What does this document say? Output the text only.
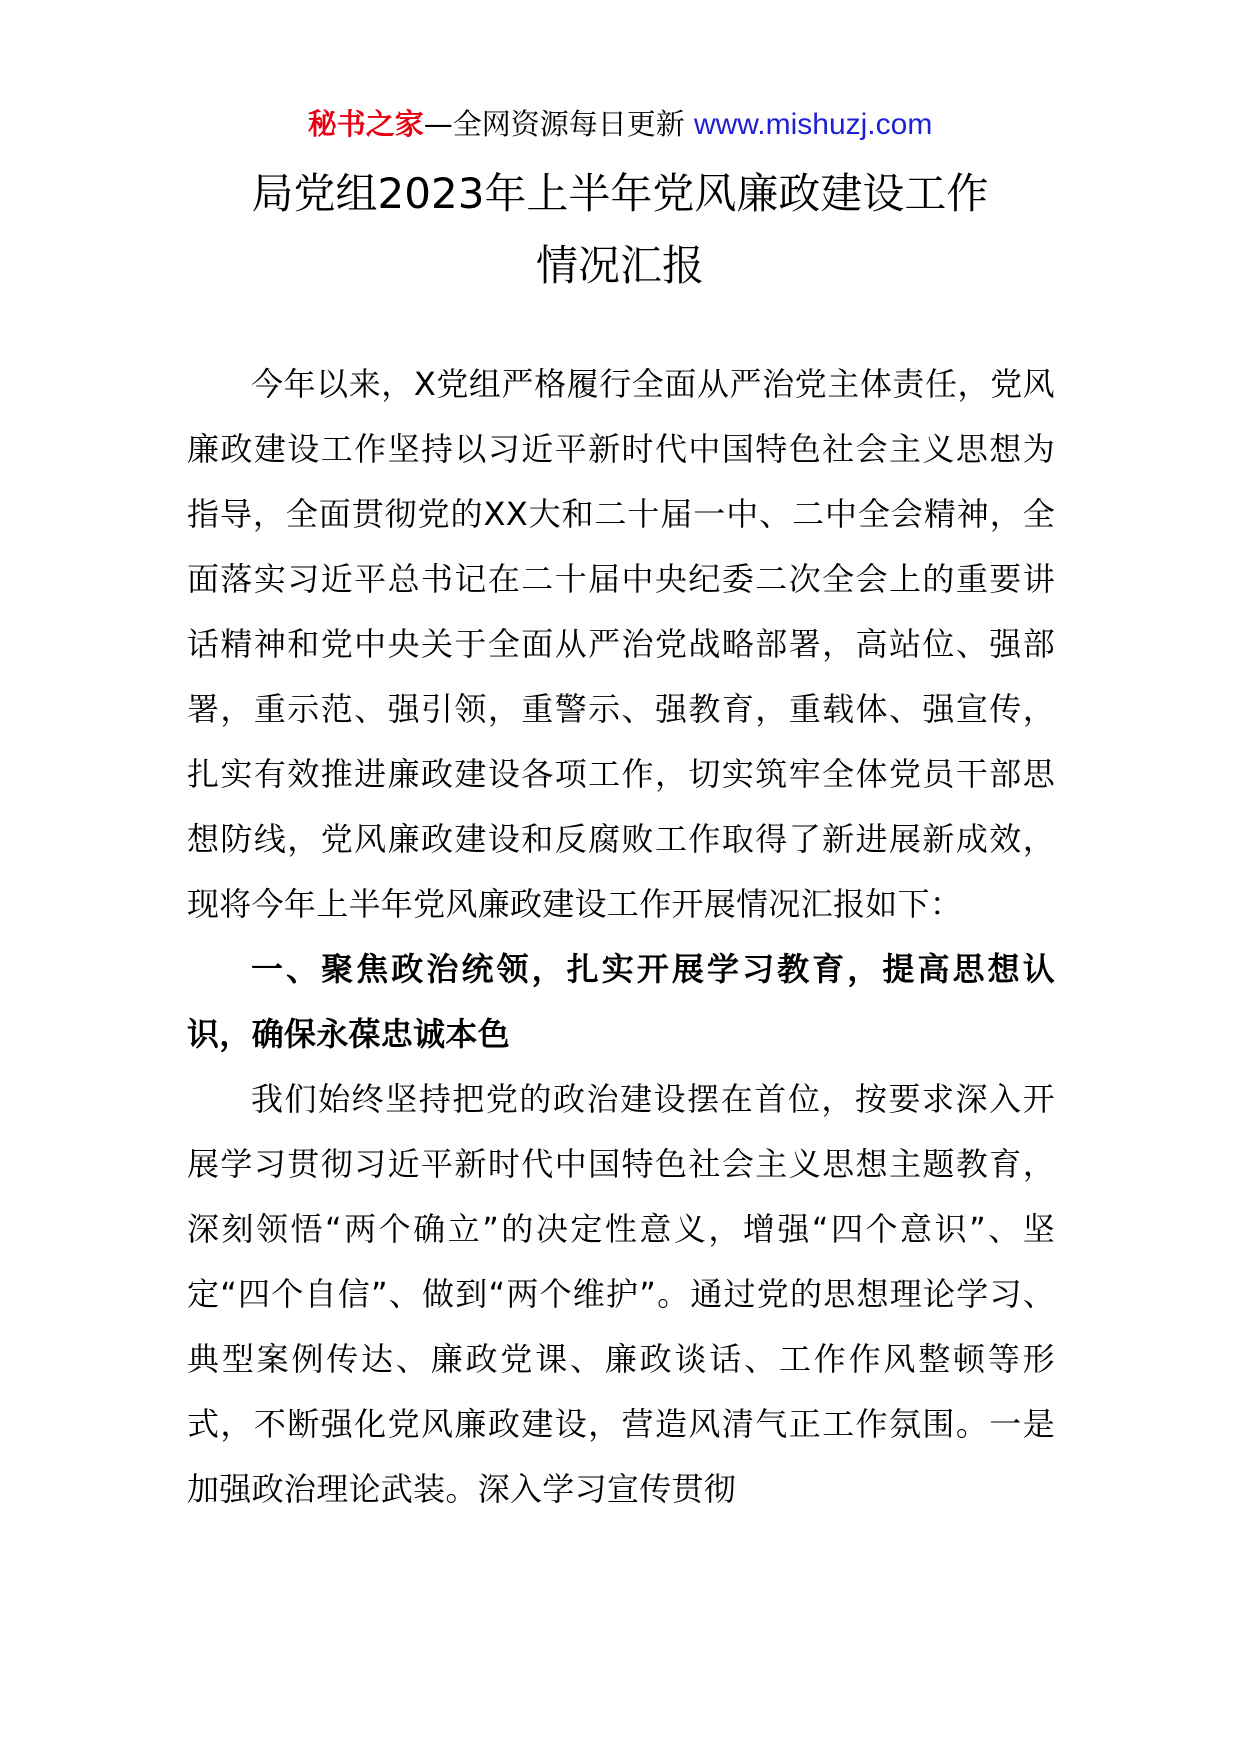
秘书之家—全网资源每日更新 www.mishuzj.com
局党组2023年上半年党风廉政建设工作
情况汇报

今年以来，X党组严格履行全面从严治党主体责任，党风廉政建设工作坚持以习近平新时代中国特色社会主义思想为指导，全面贯彻党的XX大和二十届一中、二中全会精神，全面落实习近平总书记在二十届中央纪委二次全会上的重要讲话精神和党中央关于全面从严治党战略部署，高站位、强部署，重示范、强引领，重警示、强教育，重载体、强宣传，扎实有效推进廉政建设各项工作，切实筑牢全体党员干部思想防线，党风廉政建设和反腐败工作取得了新进展新成效，现将今年上半年党风廉政建设工作开展情况汇报如下：

一、聚焦政治统领，扎实开展学习教育，提高思想认识，确保永葆忠诚本色

我们始终坚持把党的政治建设摆在首位，按要求深入开展学习贯彻习近平新时代中国特色社会主义思想主题教育，深刻领悟“两个确立”的决定性意义，增强“四个意识”、坚定“四个自信”、做到“两个维护”。通过党的思想理论学习、典型案例传达、廉政党课、廉政谈话、工作作风整顿等形式，不断强化党风廉政建设，营造风清气正工作氛围。一是加强政治理论武装。深入学习宣传贯彻
